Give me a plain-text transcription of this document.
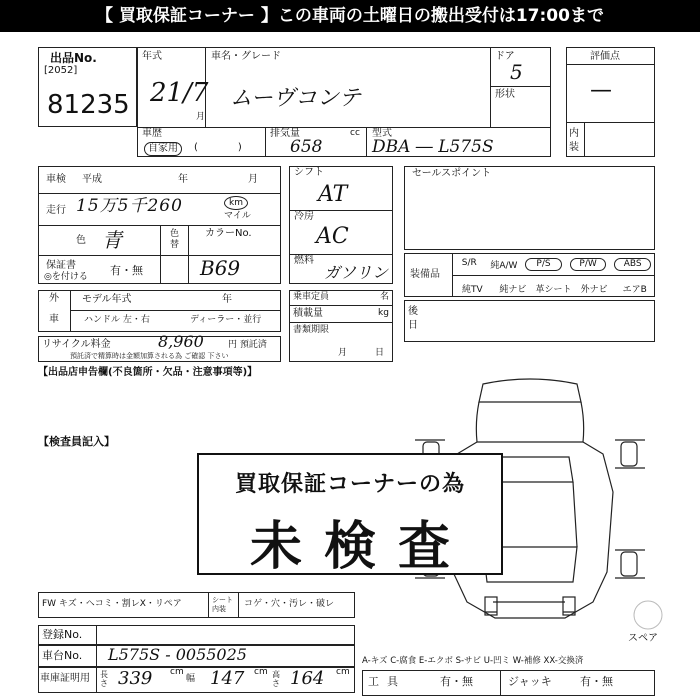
【 買取保証コーナー 】この車両の土曜日の搬出受付は17:00まで
出品No.
[2052]
81235
年式
21/7
月
車名・グレード
ムーヴコンテ
ドア
5
形状
車歴
自家用	(　　　　)
排気量	cc
658
型式
DBA ― L575S
評価点
—
内装
車検 平成	年	月
走行 15万5千260	km
マイル
色 青	色替
カラーNo.
B69
保証書
◎を付ける 有・無
シフト
AT
冷房
AC
燃料
ガソリン
乗車定員	名
積載量	kg
書類期限
月日
セールスポイント
装備品
S/R	純A/W	P/S	P/W	ABS
純TV	純ナビ	革シート	外ナビ	エアB
後日
外
車
モデル年式	年
ハンドル 左・右	ディーラー・並行
リサイクル料金	8,960	円 預託済
預託済で精算時は金額加算される為 ご確認 下さい
【出品店申告欄(不良箇所・欠品・注意事項等)】
【検査員記入】
スペア
買取保証コーナーの為
未検査
FW キズ・ヘコミ・割レX・リペア	シート内装	コゲ・穴・汚レ・破レ
登録No.
車台No. L575S - 0055025
車庫証明用 長さ 339 cm
幅 147 cm 高さ 164 cm
A-キズ C-腐食 E-エクボ S-サビ U-凹ミ W-補修 XX-交換済
工具	有・無	ジャッキ	有・無
